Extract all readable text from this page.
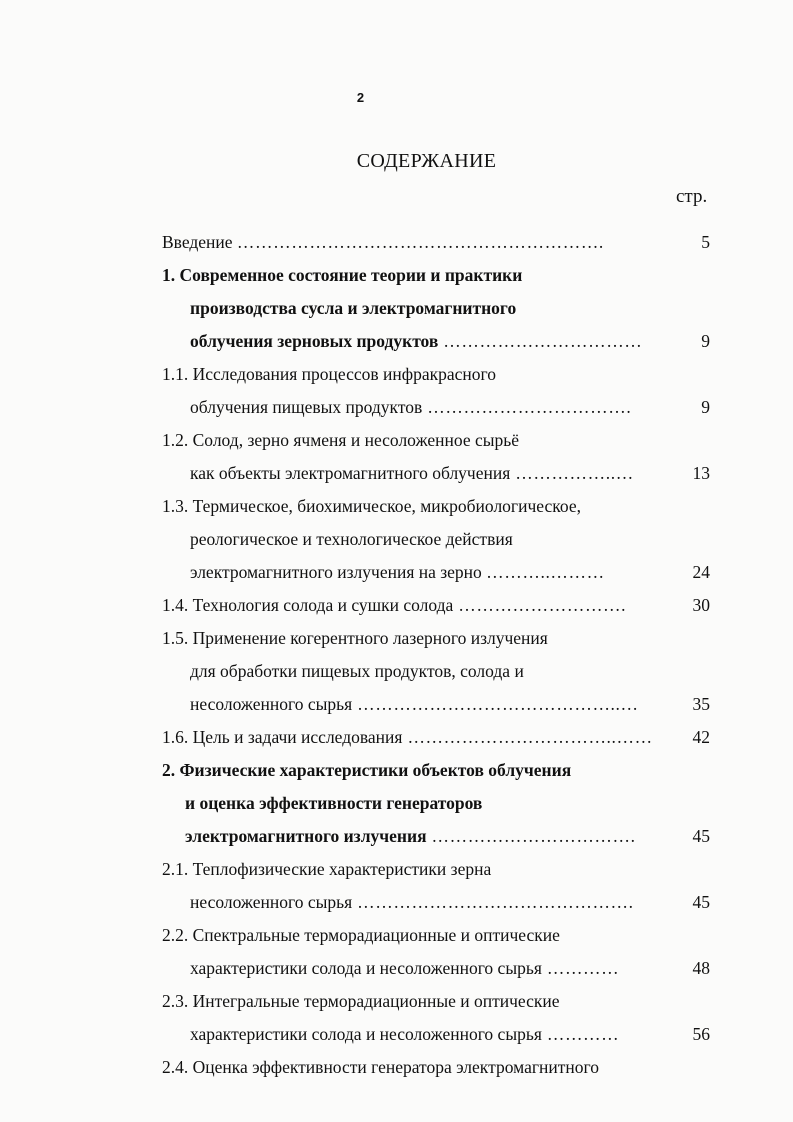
2
СОДЕРЖАНИЕ
стр.
Введение …………………………………………………….	5
1. Современное состояние теории и практики
производства сусла и электромагнитного
облучения зерновых продуктов ……………………………	9
1.1. Исследования процессов инфракрасного
облучения пищевых продуктов …………………………….	9
1.2. Солод, зерно ячменя и несоложенное сырьё
как объекты электромагнитного облучения ……………..…	13
1.3. Термическое, биохимическое, микробиологическое,
реологическое и технологическое действия
электромагнитного излучения на зерно ………..………	24
1.4. Технология солода и сушки солода ……………………….	30
1.5. Применение когерентного лазерного излучения
для обработки пищевых продуктов, солода и
несоложенного сырья ……………………………………..…	35
1.6. Цель и задачи исследования ……………………………..…… 42
2. Физические характеристики объектов облучения
и оценка эффективности генераторов
электромагнитного излучения …………………………….	45
2.1. Теплофизические характеристики зерна
несоложенного сырья ……………………………………….	45
2.2. Спектральные терморадиационные и оптические
характеристики солода и несоложенного сырья …………	48
2.3. Интегральные терморадиационные и оптические
характеристики солода и несоложенного сырья …………	56
2.4. Оценка эффективности генератора электромагнитного
